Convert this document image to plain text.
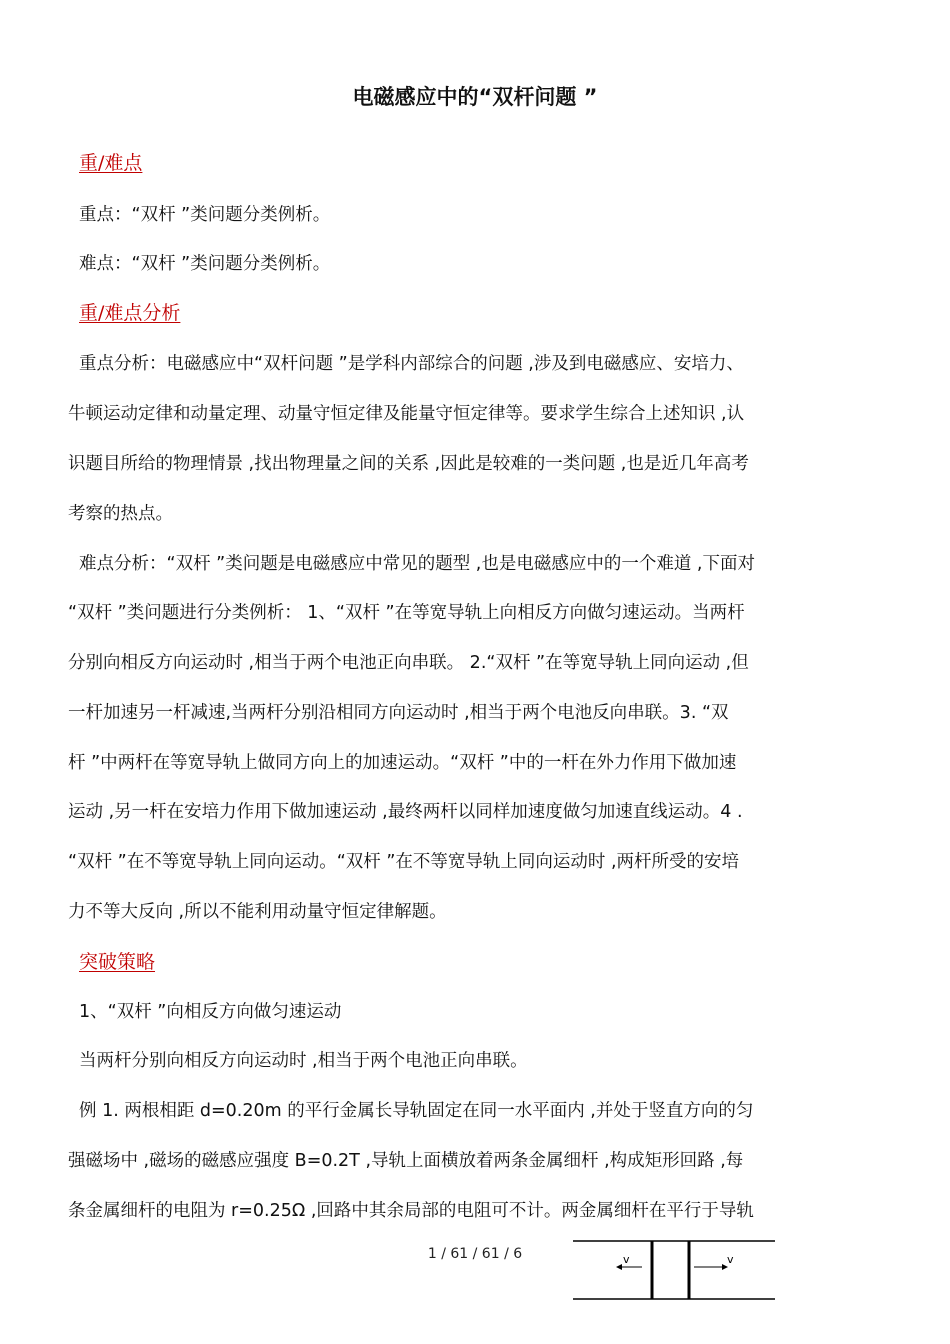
电磁感应中的“双杆问题 ”
重/难点
重点：“双杆 ”类问题分类例析。
难点：“双杆 ”类问题分类例析。
重/难点分析
重点分析：电磁感应中“双杆问题 ”是学科内部综合的问题 ,涉及到电磁感应、安培力、
牛顿运动定律和动量定理、动量守恒定律及能量守恒定律等。要求学生综合上述知识 ,认
识题目所给的物理情景 ,找出物理量之间的关系 ,因此是较难的一类问题 ,也是近几年高考
考察的热点。
难点分析：“双杆 ”类问题是电磁感应中常见的题型 ,也是电磁感应中的一个难道 ,下面对
“双杆 ”类问题进行分类例析： 1、“双杆 ”在等宽导轨上向相反方向做匀速运动。当两杆
分别向相反方向运动时 ,相当于两个电池正向串联。 2.“双杆 ”在等宽导轨上同向运动 ,但
一杆加速另一杆减速,当两杆分别沿相同方向运动时 ,相当于两个电池反向串联。3. “双
杆 ”中两杆在等宽导轨上做同方向上的加速运动。“双杆 ”中的一杆在外力作用下做加速
运动 ,另一杆在安培力作用下做加速运动 ,最终两杆以同样加速度做匀加速直线运动。4 .
“双杆 ”在不等宽导轨上同向运动。“双杆 ”在不等宽导轨上同向运动时 ,两杆所受的安培
力不等大反向 ,所以不能利用动量守恒定律解题。
突破策略
1、“双杆 ”向相反方向做匀速运动
当两杆分别向相反方向运动时 ,相当于两个电池正向串联。
例 1. 两根相距 d=0.20m 的平行金属长导轨固定在同一水平面内 ,并处于竖直方向的匀
强磁场中 ,磁场的磁感应强度 B=0.2T ,导轨上面横放着两条金属细杆 ,构成矩形回路 ,每
条金属细杆的电阻为 r=0.25Ω ,回路中其余局部的电阻可不计。两金属细杆在平行于导轨
1 / 61 / 61 / 6	v	v
